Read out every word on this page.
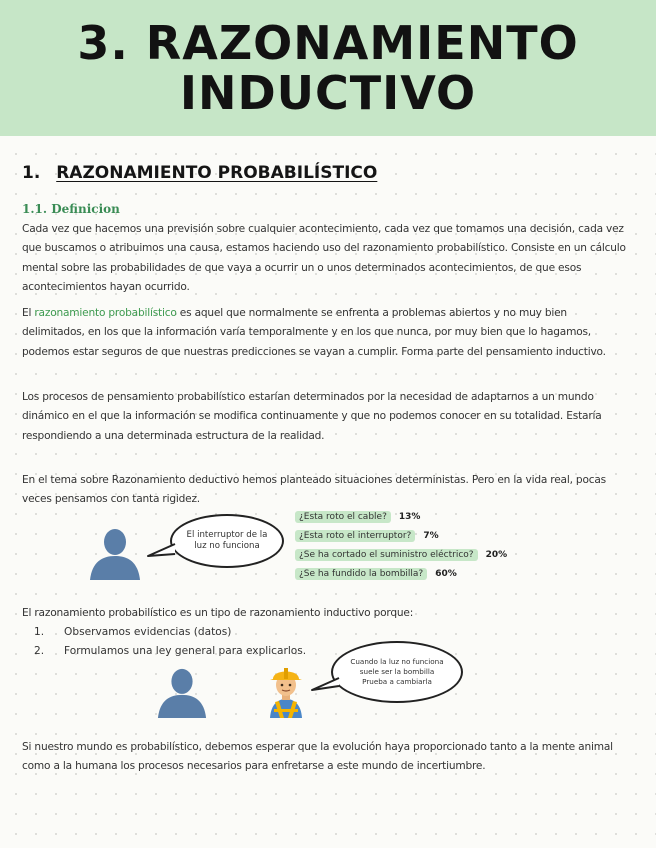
3. RAZONAMIENTO
INDUCTIVO
1. RAZONAMIENTO PROBABILÍSTICO
1.1. Definicion
Cada vez que hacemos una previsión sobre cualquier acontecimiento, cada vez que tomamos una decisión, cada vez que buscamos o atribuimos una causa, estamos haciendo uso del razonamiento probabilístico. Consiste en un cálculo mental sobre las probabilidades de que vaya a ocurrir un o unos determinados acontecimientos, de que esos acontecimientos hayan ocurrido.
El razonamiento probabilístico es aquel que normalmente se enfrenta a problemas abiertos y no muy bien delimitados, en los que la información varía temporalmente y en los que nunca, por muy bien que lo hagamos, podemos estar seguros de que nuestras predicciones se vayan a cumplir. Forma parte del pensamiento inductivo.
Los procesos de pensamiento probabilístico estarían determinados por la necesidad de adaptarnos a un mundo dinámico en el que la información se modifica continuamente y que no podemos conocer en su totalidad. Estaría respondiendo a una determinada estructura de la realidad.
En el tema sobre Razonamiento deductivo hemos planteado situaciones deterministas. Pero en la vida real, pocas veces pensamos con tanta rigidez.
El interruptor de la luz no funciona
¿Esta roto el cable?	13%
¿Esta roto el interruptor?	7%
¿Se ha cortado el suministro eléctrico?	20%
¿Se ha fundido la bombilla?	60%
El razonamiento probabilístico es un tipo de razonamiento inductivo porque:
1.	Observamos evidencias (datos)
2.	Formulamos una ley general para explicarlos.
Cuando la luz no funciona
suele ser la bombilla
Prueba a cambiarla
Si nuestro mundo es probabilístico, debemos esperar que la evolución haya proporcionado tanto a la mente animal como a la humana los procesos necesarios para enfretarse a este mundo de incertiumbre.
